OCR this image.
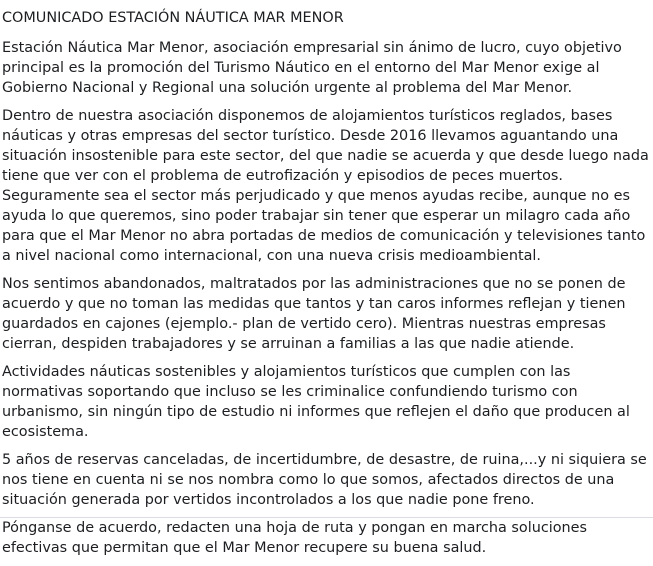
COMUNICADO ESTACIÓN NÁUTICA MAR MENOR
Estación Náutica Mar Menor, asociación empresarial sin ánimo de lucro, cuyo objetivo principal es la promoción del Turismo Náutico en el entorno del Mar Menor exige al Gobierno Nacional y Regional una solución urgente al problema del Mar Menor.
Dentro de nuestra asociación disponemos de alojamientos turísticos reglados, bases náuticas y otras empresas del sector turístico. Desde 2016 llevamos aguantando una situación insostenible para este sector, del que nadie se acuerda y que desde luego nada tiene que ver con el problema de eutrofización y episodios de peces muertos. Seguramente sea el sector más perjudicado y que menos ayudas recibe, aunque no es ayuda lo que queremos, sino poder trabajar sin tener que esperar un milagro cada año para que el Mar Menor no abra portadas de medios de comunicación y televisiones tanto a nivel nacional como internacional, con una nueva crisis medioambiental.
Nos sentimos abandonados, maltratados por las administraciones que no se ponen de acuerdo y que no toman las medidas que tantos y tan caros informes reflejan y tienen guardados en cajones (ejemplo.- plan de vertido cero). Mientras nuestras empresas cierran, despiden trabajadores y se arruinan a familias a las que nadie atiende.
Actividades náuticas sostenibles y alojamientos turísticos que cumplen con las normativas soportando que incluso se les criminalice confundiendo turismo con urbanismo, sin ningún tipo de estudio ni informes que reflejen el daño que producen al ecosistema.
5 años de reservas canceladas, de incertidumbre, de desastre, de ruina,...y ni siquiera se nos tiene en cuenta ni se nos nombra como lo que somos, afectados directos de una situación generada por vertidos incontrolados a los que nadie pone freno.
Pónganse de acuerdo, redacten una hoja de ruta y pongan en marcha soluciones efectivas que permitan que el Mar Menor recupere su buena salud.
